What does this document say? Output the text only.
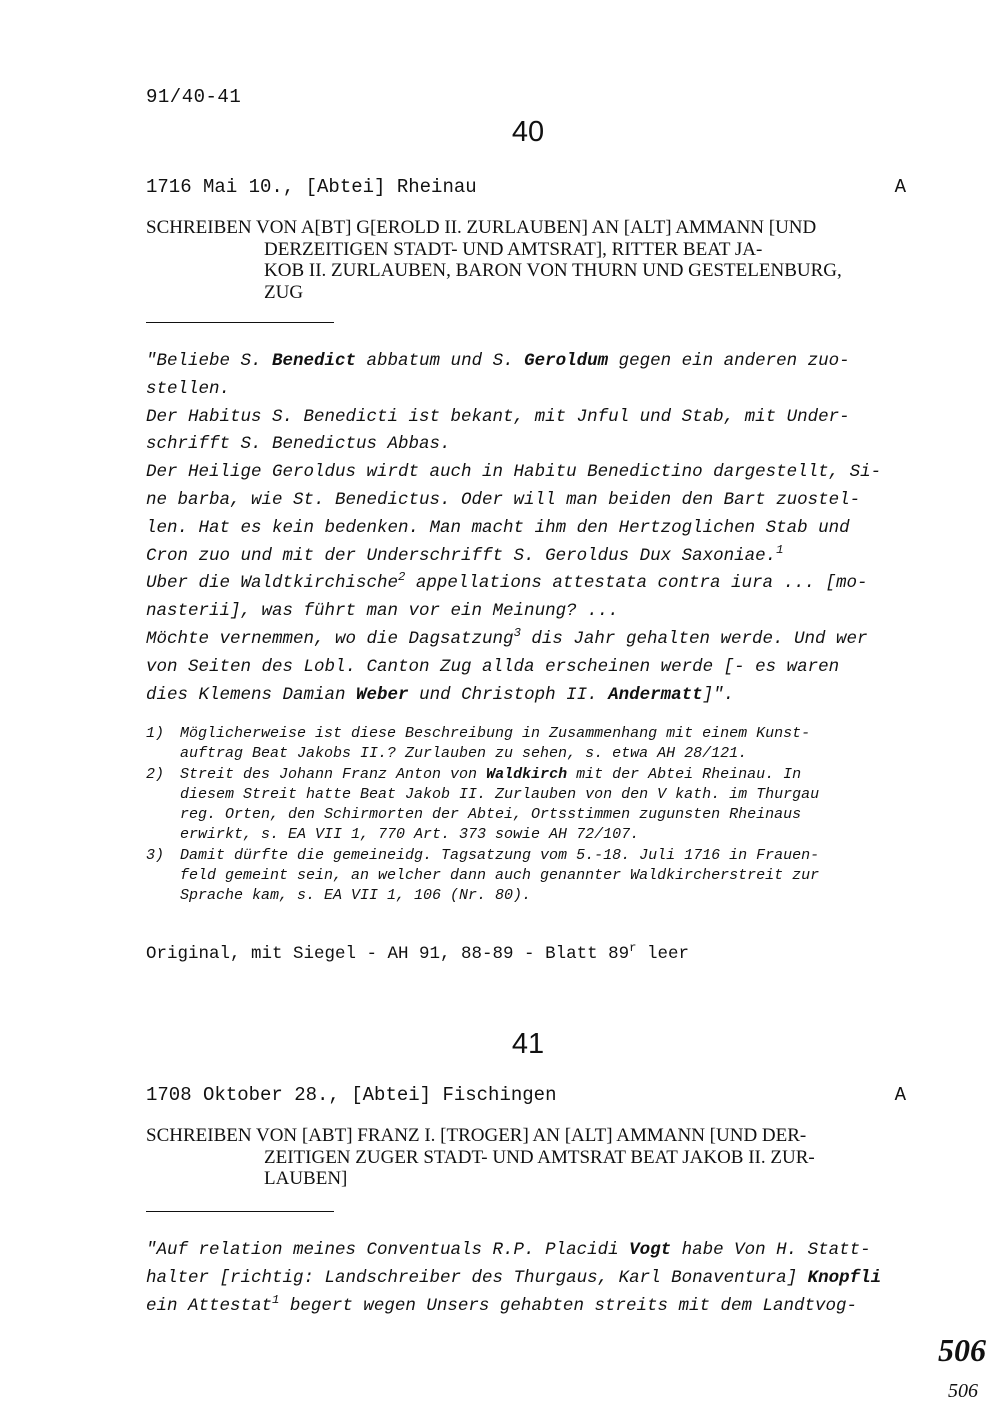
91/40-41
40
1716 Mai 10., [Abtei] Rheinau	A
SCHREIBEN VON A[BT] G[EROLD II. ZURLAUBEN] AN [ALT] AMMANN [UND
DERZEITIGEN STADT- UND AMTSRAT], RITTER BEAT JA-
KOB II. ZURLAUBEN, BARON VON THURN UND GESTELENBURG,
ZUG

"Beliebe S. Benedict abbatum und S. Geroldum gegen ein anderen zuo-

stellen.

Der Habitus S. Benedicti ist bekant, mit Jnful und Stab, mit Under-

schrifft S. Benedictus Abbas.

Der Heilige Geroldus wirdt auch in Habitu Benedictino dargestellt, Si-

ne barba, wie St. Benedictus. Oder will man beiden den Bart zuostel-

len. Hat es kein bedenken. Man macht ihm den Hertzoglichen Stab und

Cron zuo und mit der Underschrifft S. Geroldus Dux Saxoniae.$^1$

Uber die Waldtkirchische$^2$ appellations attestata contra iura ... [mo-

nasterii], was führt man vor ein Meinung? ...

Möchte vernemmen, wo die Dagsatzung$^3$ dis Jahr gehalten werde. Und wer

von Seiten des Lobl. Canton Zug allda erscheinen werde [- es waren

dies Klemens Damian Weber und Christoph II. Andermatt]".

1)	Möglicherweise ist diese Beschreibung in Zusammenhang mit einem Kunst-
auftrag Beat Jakobs II.? Zurlauben zu sehen, s. etwa AH 28/121.
2)	Streit des Johann Franz Anton von Waldkirch mit der Abtei Rheinau. In
diesem Streit hatte Beat Jakob II. Zurlauben von den V kath. im Thurgau
reg. Orten, den Schirmorten der Abtei, Ortsstimmen zugunsten Rheinaus
erwirkt, s. EA VII 1, 770 Art. 373 sowie AH 72/107.
3)	Damit dürfte die gemeineidg. Tagsatzung vom 5.-18. Juli 1716 in Frauen-
feld gemeint sein, an welcher dann auch genannter Waldkircherstreit zur
Sprache kam, s. EA VII 1, 106 (Nr. 80).
Original, mit Siegel - AH 91, 88-89 - Blatt 89$^r$ leer
41
1708 Oktober 28., [Abtei] Fischingen	A
SCHREIBEN VON [ABT] FRANZ I. [TROGER] AN [ALT] AMMANN [UND DER-
ZEITIGEN ZUGER STADT- UND AMTSRAT BEAT JAKOB II. ZUR-
LAUBEN]

"Auf relation meines Conventuals R.P. Placidi Vogt habe Von H. Statt-

halter [richtig: Landschreiber des Thurgaus, Karl Bonaventura] Knopfli

ein Attestat$^1$ begert wegen Unsers gehabten streits mit dem Landtvog-

506
506
